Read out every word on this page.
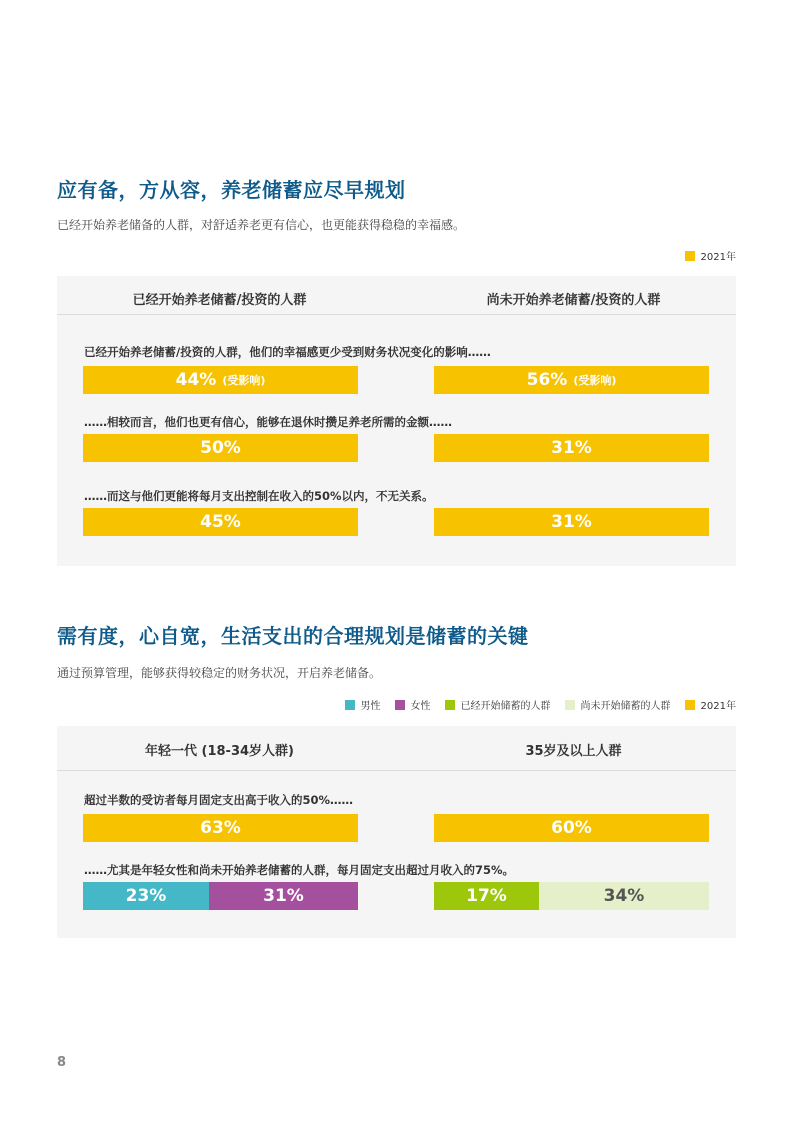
应有备，方从容，养老储蓄应尽早规划
已经开始养老储备的人群，对舒适养老更有信心，也更能获得稳稳的幸福感。
2021年
已经开始养老储蓄/投资的人群	尚未开始养老储蓄/投资的人群
已经开始养老储蓄/投资的人群，他们的幸福感更少受到财务状况变化的影响……
44% (受影响)	56% (受影响)
……相较而言，他们也更有信心，能够在退休时攒足养老所需的金额……
50%	31%
……而这与他们更能将每月支出控制在收入的50%以内，不无关系。
45%	31%
需有度，心自宽，生活支出的合理规划是储蓄的关键
通过预算管理，能够获得较稳定的财务状况，开启养老储备。
男性	女性	已经开始储蓄的人群	尚未开始储蓄的人群	2021年
年轻一代 (18-34岁人群)	35岁及以上人群
超过半数的受访者每月固定支出高于收入的50%……
63%	60%
……尤其是年轻女性和尚未开始养老储蓄的人群，每月固定支出超过月收入的75%。
23%	31%	17%	34%
8
